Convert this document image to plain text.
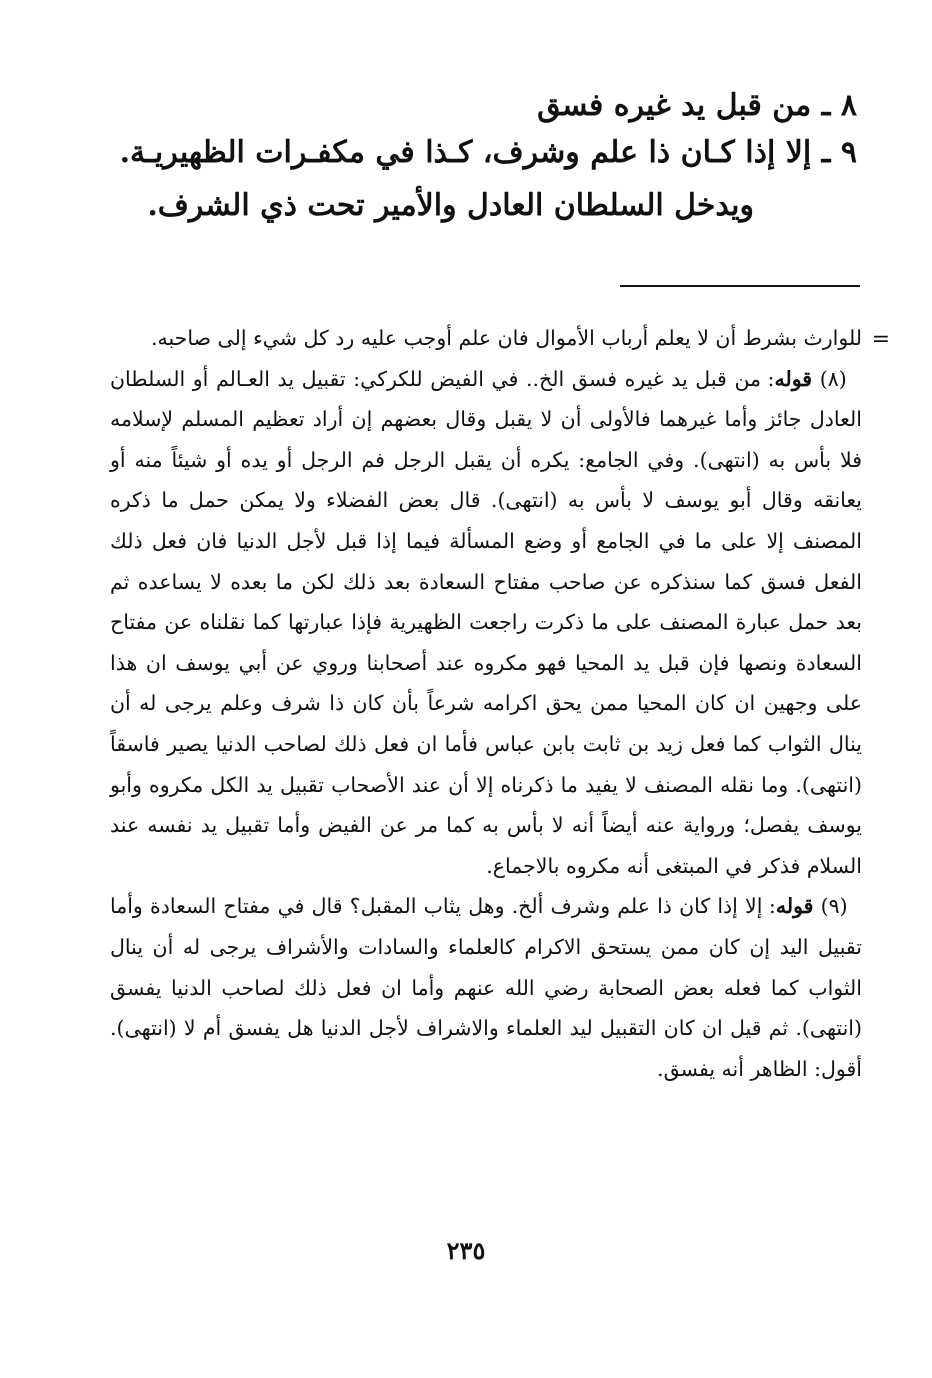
٨ ـ من قبل يد غيره فسق
٩ ـ إلا إذا كـان ذا علم وشرف، كـذا في مكفـرات الظهيريـة.
ويدخل السلطان العادل والأمير تحت ذي الشرف.
=

للوارث بشرط أن لا يعلم أرباب الأموال فان علم أوجب عليه رد كل شيء إلى صاحبه.

(٨) قوله: من قبل يد غيره فسق الخ.. في الفيض للكركي: تقبيل يد العـالم أو السلطان العادل جائز وأما غيرهما فالأولى أن لا يقبل وقال بعضهم إن أراد تعظيم المسلم لإسلامه فلا بأس به (انتهى). وفي الجامع: يكره أن يقبل الرجل فم الرجل أو يده أو شيئاً منه أو يعانقه وقال أبو يوسف لا بأس به (انتهى). قال بعض الفضلاء ولا يمكن حمل ما ذكره المصنف إلا على ما في الجامع أو وضع المسألة فيما إذا قبل لأجل الدنيا فان فعل ذلك الفعل فسق كما سنذكره عن صاحب مفتاح السعادة بعد ذلك لكن ما بعده لا يساعده ثم بعد حمل عبارة المصنف على ما ذكرت راجعت الظهيرية فإذا عبارتها كما نقلناه عن مفتاح السعادة ونصها فإن قبل يد المحيا فهو مكروه عند أصحابنا وروي عن أبي يوسف ان هذا على وجهين ان كان المحيا ممن يحق اكرامه شرعاً بأن كان ذا شرف وعلم يرجى له أن ينال الثواب كما فعل زيد بن ثابت بابن عباس فأما ان فعل ذلك لصاحب الدنيا يصير فاسقاً (انتهى). وما نقله المصنف لا يفيد ما ذكرناه إلا أن عند الأصحاب تقبيل يد الكل مكروه وأبو يوسف يفصل؛ ورواية عنه أيضاً أنه لا بأس به كما مر عن الفيض وأما تقبيل يد نفسه عند السلام فذكر في المبتغى أنه مكروه بالاجماع.

(٩) قوله: إلا إذا كان ذا علم وشرف ألخ. وهل يثاب المقبل؟ قال في مفتاح السعادة وأما تقبيل اليد إن كان ممن يستحق الاكرام كالعلماء والسادات والأشراف يرجى له أن ينال الثواب كما فعله بعض الصحابة رضي الله عنهم وأما ان فعل ذلك لصاحب الدنيا يفسق (انتهى). ثم قيل ان كان التقبيل ليد العلماء والاشراف لأجل الدنيا هل يفسق أم لا (انتهى). أقول: الظاهر أنه يفسق.

٢٣٥
